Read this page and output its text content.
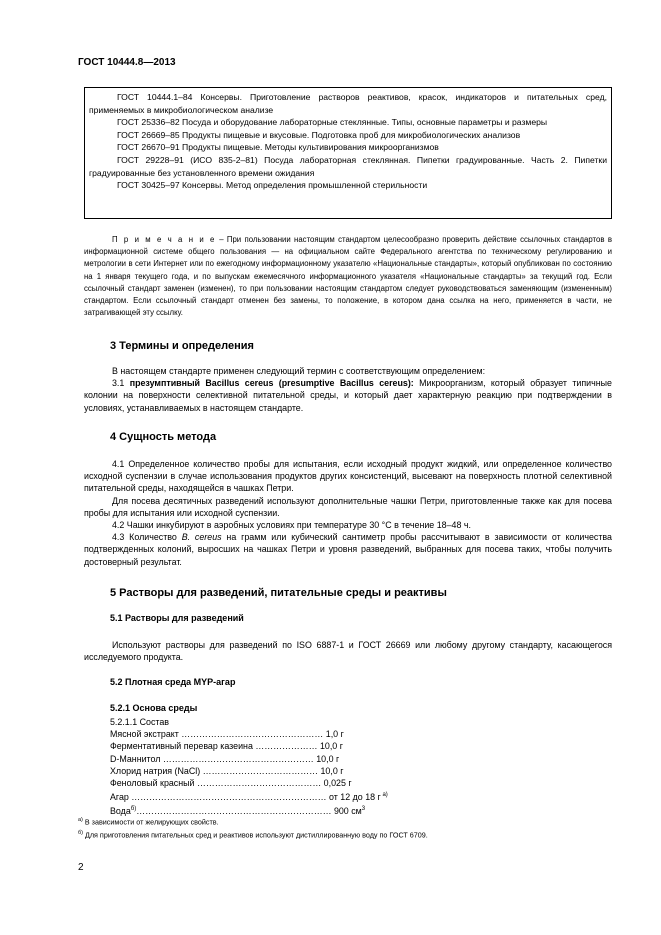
ГОСТ 10444.8—2013

ГОСТ 10444.1–84 Консервы. Приготовление растворов реактивов, красок, индикаторов и питательных сред, применяемых в микробиологическом анализе

ГОСТ 25336–82 Посуда и оборудование лабораторные стеклянные. Типы, основные параметры и размеры

ГОСТ 26669–85 Продукты пищевые и вкусовые. Подготовка проб для микробиологических анализов

ГОСТ 26670–91 Продукты пищевые. Методы культивирования микроорганизмов

ГОСТ 29228–91 (ИСО 835-2–81) Посуда лабораторная стеклянная. Пипетки градуированные. Часть 2. Пипетки градуированные без установленного времени ожидания

ГОСТ 30425–97 Консервы. Метод определения промышленной стерильности

П р и м е ч а н и е – При пользовании настоящим стандартом целесообразно проверить действие ссылочных стандартов в информационной системе общего пользования — на официальном сайте Федерального агентства по техническому регулированию и метрологии в сети Интернет или по ежегодному информационному указателю «Национальные стандарты», который опубликован по состоянию на 1 января текущего года, и по выпускам ежемесячного информационного указателя «Национальные стандарты» за текущий год. Если ссылочный стандарт заменен (изменен), то при пользовании настоящим стандартом следует руководствоваться заменяющим (измененным) стандартом. Если ссылочный стандарт отменен без замены, то положение, в котором дана ссылка на него, применяется в части, не затрагивающей эту ссылку.

3 Термины и определения

В настоящем стандарте применен следующий термин с соответствующим определением:

3.1 презумптивный Bacillus cereus (presumptive Bacillus cereus): Микроорганизм, который образует типичные колонии на поверхности селективной питательной среды, и который дает характерную реакцию при подтверждении в условиях, устанавливаемых в настоящем стандарте.

4 Сущность метода

4.1 Определенное количество пробы для испытания, если исходный продукт жидкий, или определенное количество исходной суспензии в случае использования продуктов других консистенций, высевают на поверхность плотной селективной питательной среды, находящейся в чашках Петри.

Для посева десятичных разведений используют дополнительные чашки Петри, приготовленные также как для посева пробы для испытания или исходной суспензии.

4.2 Чашки инкубируют в аэробных условиях при температуре 30 °С в течение 18–48 ч.

4.3 Количество B. cereus на грамм или кубический сантиметр пробы рассчитывают в зависимости от количества подтвержденных колоний, выросших на чашках Петри и уровня разведений, выбранных для посева таких, чтобы получить достоверный результат.

5 Растворы для разведений, питательные среды и реактивы
5.1 Растворы для разведений

Используют растворы для разведений по ISO 6887-1 и ГОСТ 26669 или любому другому стандарту, касающегося исследуемого продукта.

5.2 Плотная среда MYP-агар
5.2.1 Основа среды

5.2.1.1 Состав

Мясной экстракт ………………………………………… 1,0 г

Ферментативный перевар казеина ………………… 10,0 г

D-Маннитол …………………………………………… 10,0 г

Хлорид натрия (NaCl) ………………………………… 10,0 г

Феноловый красный …………………………………… 0,025 г

Агар ………………………………………………………… от 12 до 18 г $^{а)}$

Вода$^{б)}$………………………………………………………… 900 $см^3$

$^{а)}$ В зависимости от желирующих свойств.

$^{б)}$ Для приготовления питательных сред и реактивов используют дистиллированную воду по ГОСТ 6709.

2
